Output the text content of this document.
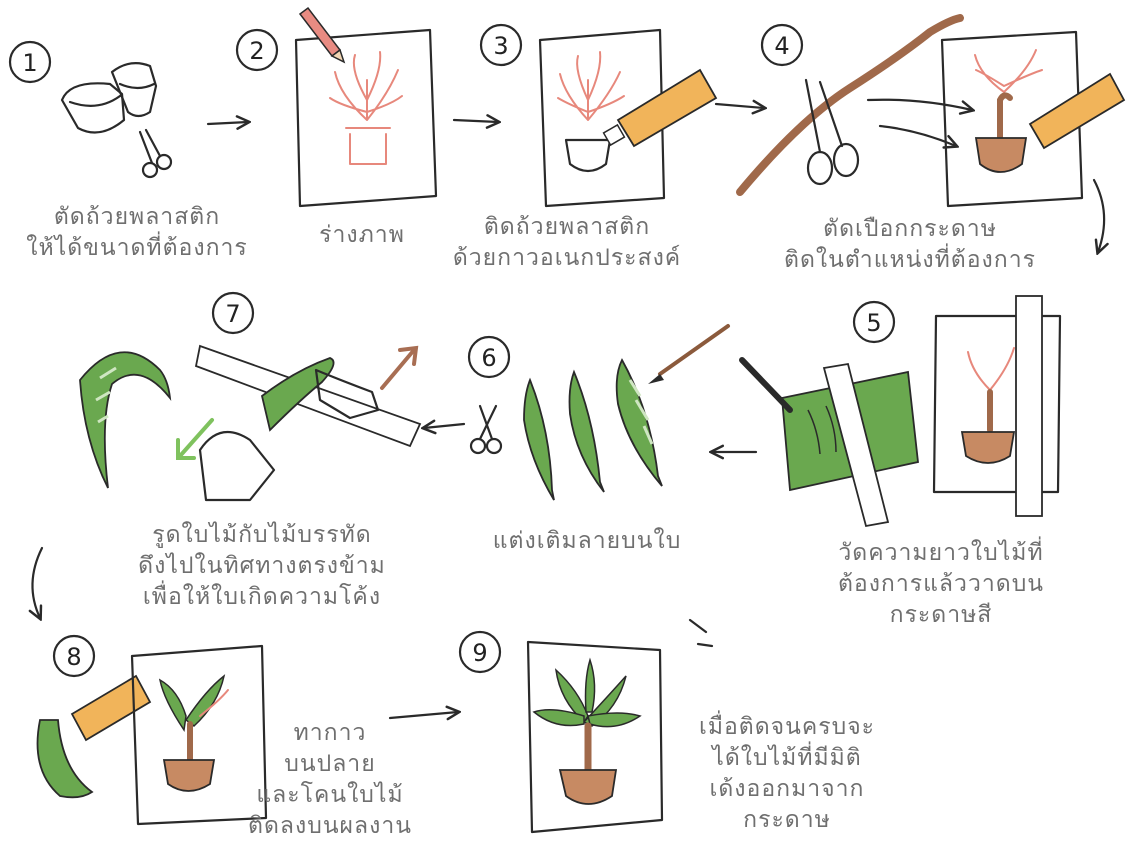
1	2	3	4
5
6
7
8	9
ตัดถ้วยพลาสติก
ให้ได้ขนาดที่ต้องการ	ร่างภาพ	ติดถ้วยพลาสติก
ด้วยกาวอเนกประสงค์
ตัดเปือกกระดาษ
ติดในตำแหน่งที่ต้องการ
วัดความยาวใบไม้ที่
ต้องการแล้ววาดบน
กระดาษสี
แต่งเติมลายบนใบ
รูดใบไม้กับไม้บรรทัด
ดึงไปในทิศทางตรงข้าม
เพื่อให้ใบเกิดความโค้ง
ทากาว
บนปลาย
และโคนใบไม้
ติดลงบนผลงาน
เมื่อติดจนครบจะ
ได้ใบไม้ที่มีมิติ
เด้งออกมาจาก
กระดาษ
